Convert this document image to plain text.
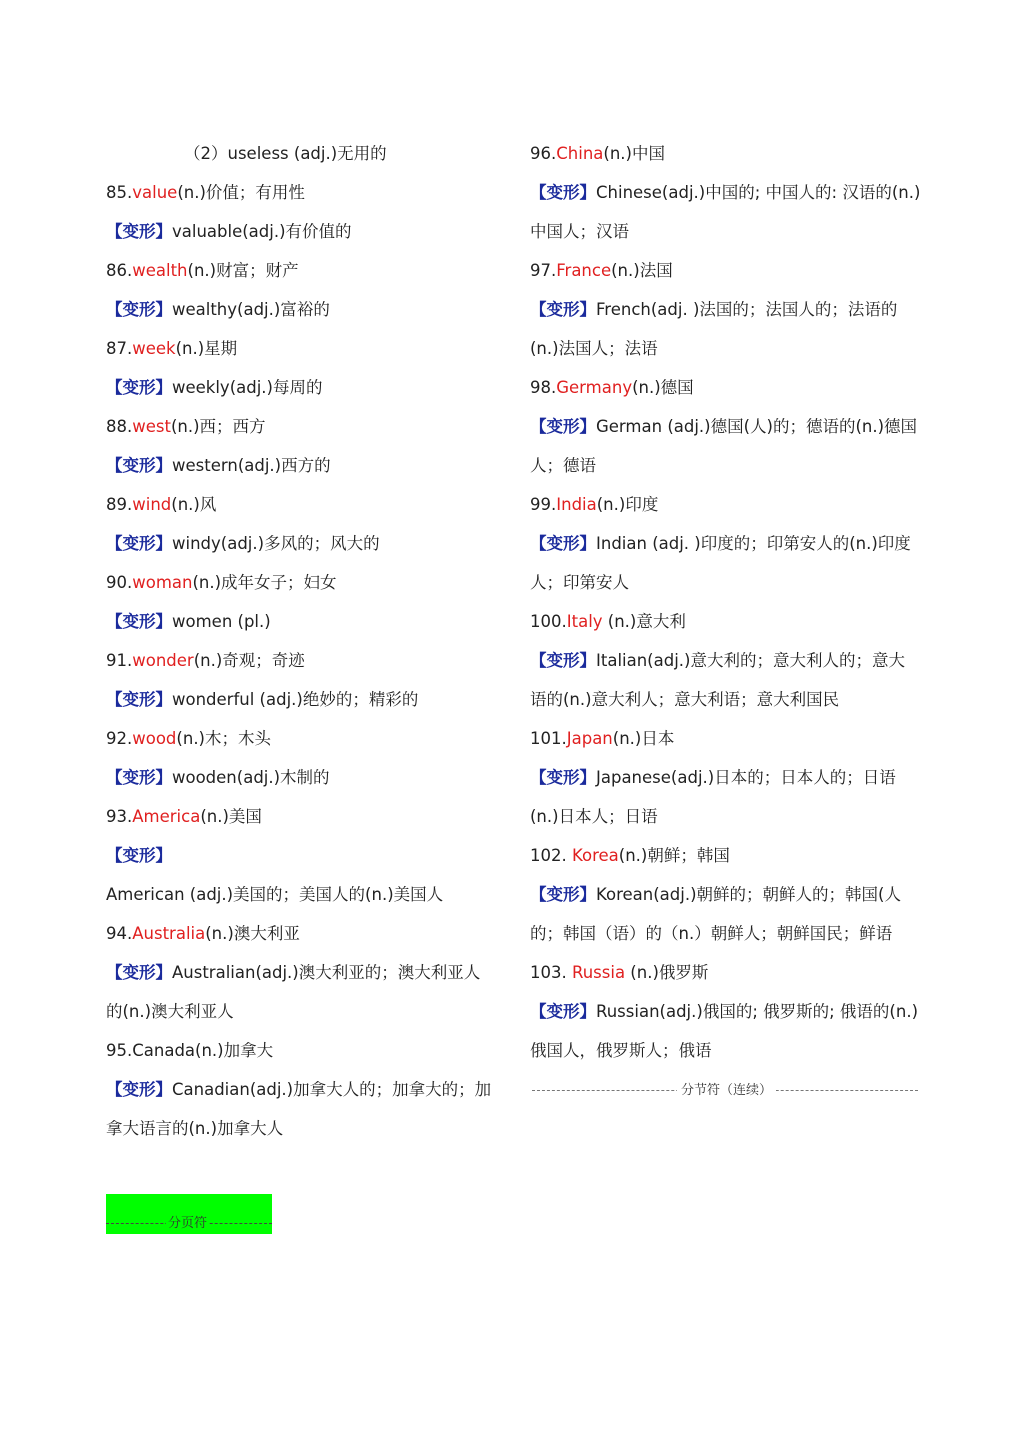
（2）useless (adj.)无用的
85.value(n.)价值；有用性
【变形】valuable(adj.)有价值的
86.wealth(n.)财富；财产
【变形】wealthy(adj.)富裕的
87.week(n.)星期
【变形】weekly(adj.)每周的
88.west(n.)西；西方
【变形】western(adj.)西方的
89.wind(n.)风
【变形】windy(adj.)多风的；风大的
90.woman(n.)成年女子；妇女
【变形】women (pl.)
91.wonder(n.)奇观；奇迹
【变形】wonderful (adj.)绝妙的；精彩的
92.wood(n.)木；木头
【变形】wooden(adj.)木制的
93.America(n.)美国
【变形】
American (adj.)美国的；美国人的(n.)美国人
94.Australia(n.)澳大利亚
【变形】Australian(adj.)澳大利亚的；澳大利亚人
的(n.)澳大利亚人
95.Canada(n.)加拿大
【变形】Canadian(adj.)加拿大人的；加拿大的；加
拿大语言的(n.)加拿大人
96.China(n.)中国
【变形】Chinese(adj.)中国的; 中国人的: 汉语的(n.)
中国人；汉语
97.France(n.)法国
【变形】French(adj. )法国的；法国人的；法语的
(n.)法国人；法语
98.Germany(n.)德国
【变形】German (adj.)德国(人)的；德语的(n.)德国
人；德语
99.India(n.)印度
【变形】Indian (adj. )印度的；印第安人的(n.)印度
人；印第安人
100.Italy (n.)意大利
【变形】Italian(adj.)意大利的；意大利人的；意大
语的(n.)意大利人；意大利语；意大利国民
101.Japan(n.)日本
【变形】Japanese(adj.)日本的；日本人的；日语
(n.)日本人；日语
102. Korea(n.)朝鲜；韩国
【变形】Korean(adj.)朝鲜的；朝鲜人的；韩国(人
的；韩国（语）的（n.）朝鲜人；朝鲜国民；鲜语
103. Russia (n.)俄罗斯
【变形】Russian(adj.)俄国的; 俄罗斯的; 俄语的(n.)
俄国人，俄罗斯人；俄语
分节符（连续）
分页符
